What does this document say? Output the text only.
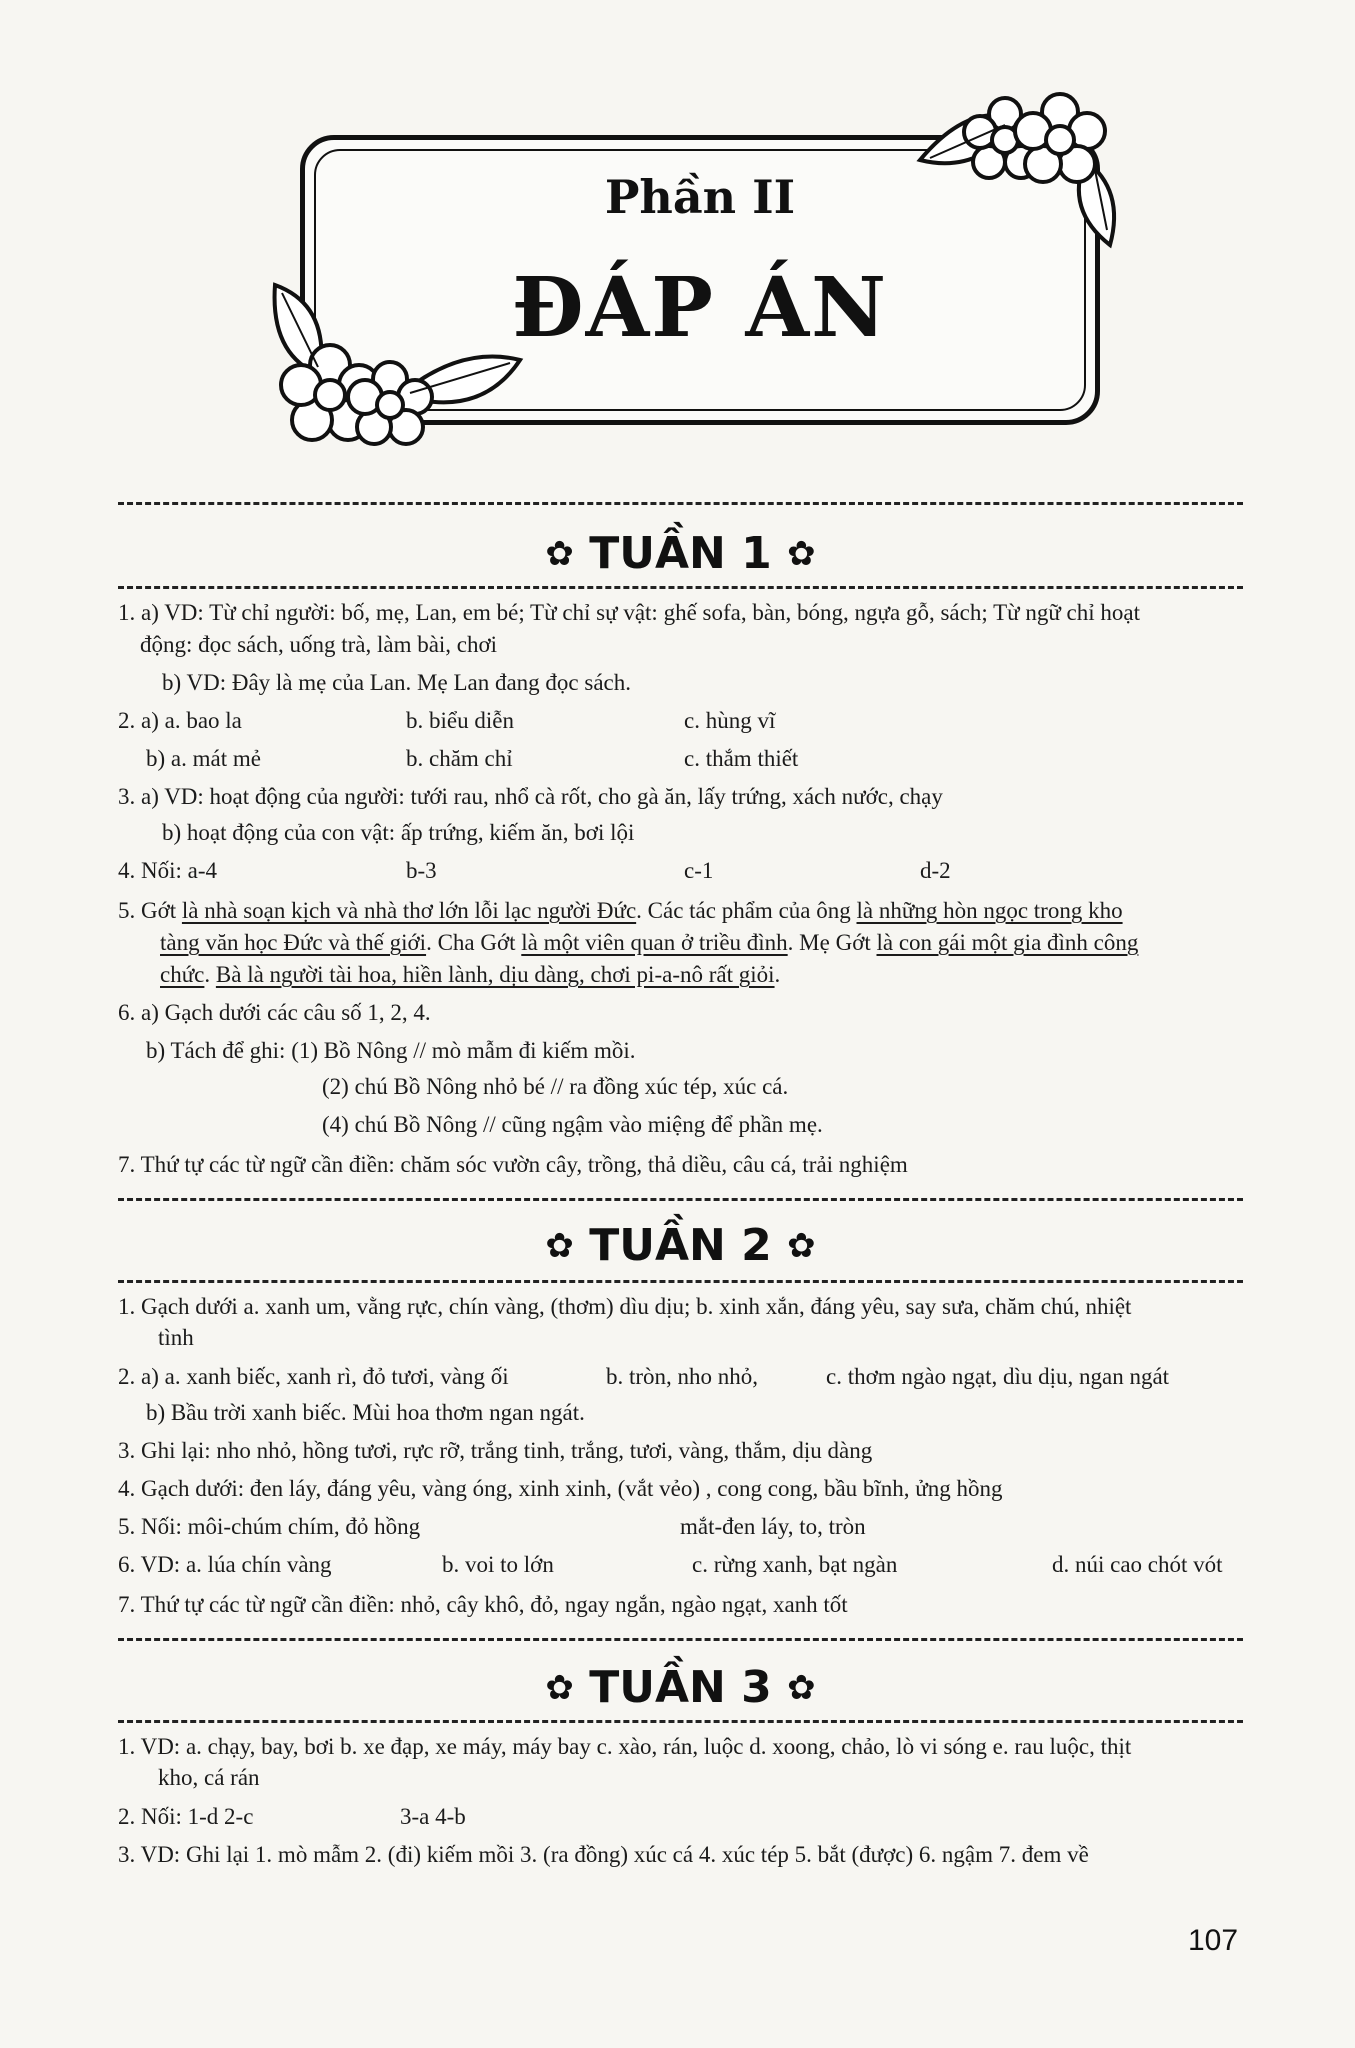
Phần II
ĐÁP ÁN
✿ TUẦN 1 ✿
1. a) VD: Từ chỉ người: bố, mẹ, Lan, em bé; Từ chỉ sự vật: ghế sofa, bàn, bóng, ngựa gỗ, sách; Từ ngữ chỉ hoạt
động: đọc sách, uống trà, làm bài, chơi
b) VD: Đây là mẹ của Lan. Mẹ Lan đang đọc sách.
2. a) a. bao la	b. biểu diễn	c. hùng vĩ
b) a. mát mẻ	b. chăm chỉ	c. thắm thiết
3. a) VD: hoạt động của người: tưới rau, nhổ cà rốt, cho gà ăn, lấy trứng, xách nước, chạy
b) hoạt động của con vật: ấp trứng, kiếm ăn, bơi lội
4. Nối: a-4	b-3	c-1	d-2
5. Gớt là nhà soạn kịch và nhà thơ lớn lỗi lạc người Đức. Các tác phẩm của ông là những hòn ngọc trong kho
tàng văn học Đức và thế giới. Cha Gớt là một viên quan ở triều đình. Mẹ Gớt là con gái một gia đình công
chức. Bà là người tài hoa, hiền lành, dịu dàng, chơi pi-a-nô rất giỏi.
6. a) Gạch dưới các câu số 1, 2, 4.
b) Tách để ghi: (1) Bồ Nông // mò mẫm đi kiếm mồi.
(2) chú Bồ Nông nhỏ bé // ra đồng xúc tép, xúc cá.
(4) chú Bồ Nông // cũng ngậm vào miệng để phần mẹ.
7. Thứ tự các từ ngữ cần điền: chăm sóc vườn cây, trồng, thả diều, câu cá, trải nghiệm
✿ TUẦN 2 ✿
1. Gạch dưới a. xanh um, vằng rực, chín vàng, (thơm) dìu dịu; b. xinh xắn, đáng yêu, say sưa, chăm chú, nhiệt
tình
2. a) a. xanh biếc, xanh rì, đỏ tươi, vàng ối	b. tròn, nho nhỏ,	c. thơm ngào ngạt, dìu dịu, ngan ngát
b) Bầu trời xanh biếc. Mùi hoa thơm ngan ngát.
3. Ghi lại: nho nhỏ, hồng tươi, rực rỡ, trắng tinh, trắng, tươi, vàng, thắm, dịu dàng
4. Gạch dưới: đen láy, đáng yêu, vàng óng, xinh xinh, (vắt vẻo) , cong cong, bầu bĩnh, ửng hồng
5. Nối: môi-chúm chím, đỏ hồng	mắt-đen láy, to, tròn
6. VD: a. lúa chín vàng	b. voi to lớn	c. rừng xanh, bạt ngàn	d. núi cao chót vót
7. Thứ tự các từ ngữ cần điền: nhỏ, cây khô, đỏ, ngay ngắn, ngào ngạt, xanh tốt
✿ TUẦN 3 ✿
1. VD: a. chạy, bay, bơi b. xe đạp, xe máy, máy bay c. xào, rán, luộc d. xoong, chảo, lò vi sóng e. rau luộc, thịt
kho, cá rán
2. Nối: 1-d 2-c	3-a 4-b
3. VD: Ghi lại 1. mò mẫm 2. (đi) kiếm mồi 3. (ra đồng) xúc cá 4. xúc tép 5. bắt (được) 6. ngậm 7. đem về
107
